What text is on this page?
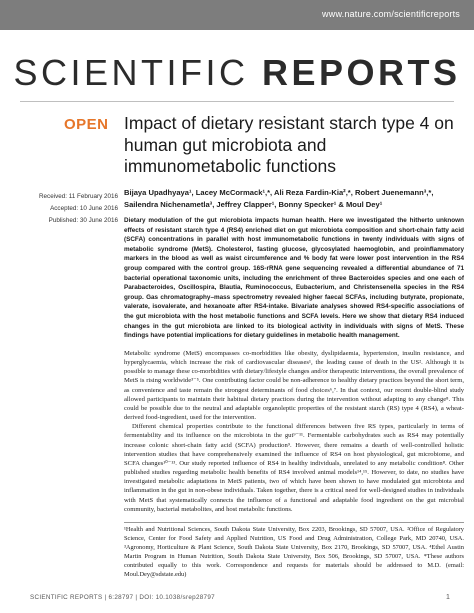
www.nature.com/scientificreports
SCIENTIFIC REPORTS
OPEN Impact of dietary resistant starch type 4 on human gut microbiota and immunometabolic functions
Received: 11 February 2016
Accepted: 10 June 2016
Published: 30 June 2016
Bijaya Upadhyaya¹, Lacey McCormack¹,*, Ali Reza Fardin-Kia²,*, Robert Juenemann³,*, Sailendra Nichenametla³, Jeffrey Clapper¹, Bonny Specker¹ & Moul Dey¹
Dietary modulation of the gut microbiota impacts human health. Here we investigated the hitherto unknown effects of resistant starch type 4 (RS4) enriched diet on gut microbiota composition and short-chain fatty acid (SCFA) concentrations in parallel with host immunometabolic functions in twenty individuals with signs of metabolic syndrome (MetS). Cholesterol, fasting glucose, glycosylated haemoglobin, and proinflammatory markers in the blood as well as waist circumference and % body fat were lower post intervention in the RS4 group compared with the control group. 16S-rRNA gene sequencing revealed a differential abundance of 71 bacterial operational taxonomic units, including the enrichment of three Bacteroides species and one each of Parabacteroides, Oscillospira, Blautia, Ruminococcus, Eubacterium, and Christensenella species in the RS4 group. Gas chromatography–mass spectrometry revealed higher faecal SCFAs, including butyrate, propionate, valerate, isovalerate, and hexanoate after RS4-intake. Bivariate analyses showed RS4-specific associations of the gut microbiota with the host metabolic functions and SCFA levels. Here we show that dietary RS4 induced changes in the gut microbiota are linked to its biological activity in individuals with signs of MetS. These findings have potential implications for dietary guidelines in metabolic health management.

Metabolic syndrome (MetS) encompasses co-morbidities like obesity, dyslipidaemia, hypertension, insulin resistance, and hyperglycaemia, which increase the risk of cardiovascular diseases¹, the leading cause of death in the US². Although it is possible to manage these co-morbidities with dietary/lifestyle changes and/or therapeutic interventions, the overall prevalence of MetS is rising worldwide³⁻⁵. One contributing factor could be non-adherence to healthy dietary practices beyond the short term, as convenience and taste remain the strongest determinants of food choices⁶,⁷. In that context, our recent double-blind study allowed participants to maintain their habitual dietary practices during the intervention without adapting to any change⁸. This could be possible due to the neutral and adaptable organoleptic properties of the resistant starch (RS) type 4 (RS4), a wheat-derived food-ingredient, used for the intervention.

Different chemical properties contribute to the functional differences between five RS types, particularly in terms of fermentability and its influence on the microbiota in the gut⁹⁻¹¹. Fermentable carbohydrates such as RS4 may potentially increase colonic short-chain fatty acid (SCFA) production⁹. However, there remains a dearth of well-controlled holistic intervention studies that have comprehensively examined the influence of RS4 on host physiological, gut microbiome, and SCFA changes¹⁰⁻¹³. Our study reported influence of RS4 in healthy individuals, unrelated to any metabolic condition⁸. Other published studies regarding metabolic health benefits of RS4 involved animal models¹⁴,¹⁵. However, to date, no studies have investigated metabolic adaptations in MetS patients, two of which have been shown to have modulated gut microbiota and inflammation in the gut in non-obese individuals. Taken together, there is a critical need for well-designed studies in individuals with MetS that systematically connects the influence of a functional and adaptable food ingredient on the gut microbial community, bacterial metabolites, and host metabolic functions.

¹Health and Nutritional Sciences, South Dakota State University, Box 2203, Brookings, SD 57007, USA. ²Office of Regulatory Science, Center for Food Safety and Applied Nutrition, US Food and Drug Administration, College Park, MD 20740, USA. ³Agronomy, Horticulture & Plant Science, South Dakota State University, Box 2170, Brookings, SD 57007, USA. ⁴Ethel Austin Martin Program in Human Nutrition, South Dakota State University, Box 506, Brookings, SD 57007, USA. *These authors contributed equally to this work. Correspondence and requests for materials should be addressed to M.D. (email: Moul.Dey@sdstate.edu)
SCIENTIFIC REPORTS | 6:28797 | DOI: 10.1038/srep28797	1
